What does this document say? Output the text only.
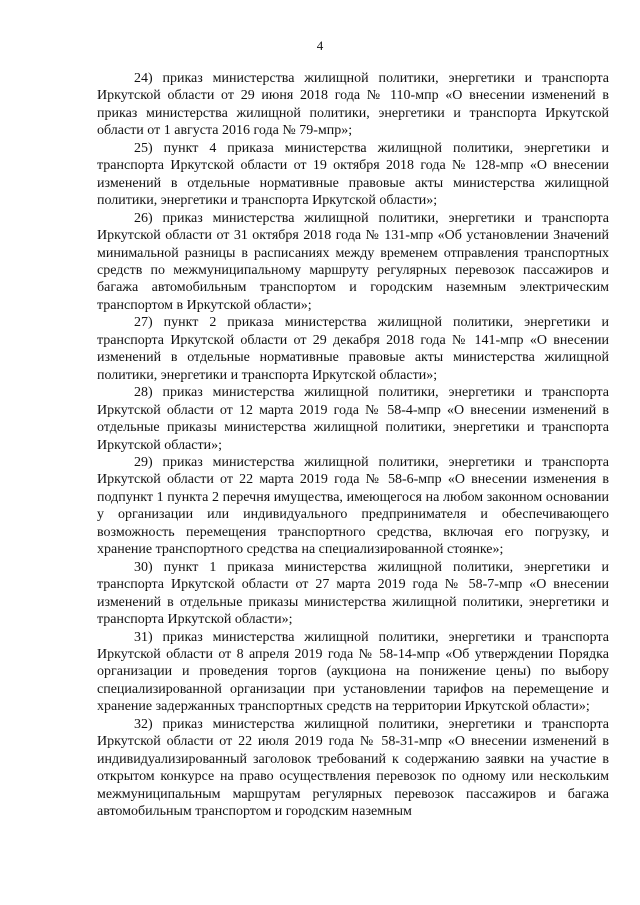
4

24) приказ министерства жилищной политики, энергетики и транспорта Иркутской области от 29 июня 2018 года № 110-мпр «О внесении изменений в приказ министерства жилищной политики, энергетики и транспорта Иркутской области от 1 августа 2016 года № 79-мпр»;

25) пункт 4 приказа министерства жилищной политики, энергетики и транспорта Иркутской области от 19 октября 2018 года № 128-мпр «О внесении изменений в отдельные нормативные правовые акты министерства жилищной политики, энергетики и транспорта Иркутской области»;

26) приказ министерства жилищной политики, энергетики и транспорта Иркутской области от 31 октября 2018 года № 131-мпр «Об установлении Значений минимальной разницы в расписаниях между временем отправления транспортных средств по межмуниципальному маршруту регулярных перевозок пассажиров и багажа автомобильным транспортом и городским наземным электрическим транспортом в Иркутской области»;

27) пункт 2 приказа министерства жилищной политики, энергетики и транспорта Иркутской области от 29 декабря 2018 года № 141-мпр «О внесении изменений в отдельные нормативные правовые акты министерства жилищной политики, энергетики и транспорта Иркутской области»;

28) приказ министерства жилищной политики, энергетики и транспорта Иркутской области от 12 марта 2019 года № 58-4-мпр «О внесении изменений в отдельные приказы министерства жилищной политики, энергетики и транспорта Иркутской области»;

29) приказ министерства жилищной политики, энергетики и транспорта Иркутской области от 22 марта 2019 года № 58-6-мпр «О внесении изменения в подпункт 1 пункта 2 перечня имущества, имеющегося на любом законном основании у организации или индивидуального предпринимателя и обеспечивающего возможность перемещения транспортного средства, включая его погрузку, и хранение транспортного средства на специализированной стоянке»;

30) пункт 1 приказа министерства жилищной политики, энергетики и транспорта Иркутской области от 27 марта 2019 года № 58-7-мпр «О внесении изменений в отдельные приказы министерства жилищной политики, энергетики и транспорта Иркутской области»;

31) приказ министерства жилищной политики, энергетики и транспорта Иркутской области от 8 апреля 2019 года № 58-14-мпр «Об утверждении Порядка организации и проведения торгов (аукциона на понижение цены) по выбору специализированной организации при установлении тарифов на перемещение и хранение задержанных транспортных средств на территории Иркутской области»;

32) приказ министерства жилищной политики, энергетики и транспорта Иркутской области от 22 июля 2019 года № 58-31-мпр «О внесении изменений в индивидуализированный заголовок требований к содержанию заявки на участие в открытом конкурсе на право осуществления перевозок по одному или нескольким межмуниципальным маршрутам регулярных перевозок пассажиров и багажа автомобильным транспортом и городским наземным
